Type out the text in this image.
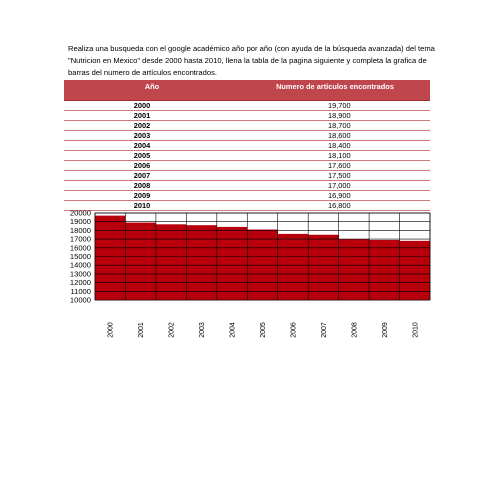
Realiza una busqueda con el google académico año por año (con ayuda de la búsqueda avanzada) del tema "Nutricion en Mexico" desde 2000 hasta 2010, llena la tabla de la pagina siguiente y completa la grafica de barras del numero de artículos encontrados.
Año	Numero de artículos encontrados
2000	19,700
2001	18,900
2002	18,700
2003	18,600
2004	18,400
2005	18,100
2006	17,600
2007	17,500
2008	17,000
2009	16,900
2010	16,800
20000
19000
18000
17000
16000
15000
14000
13000
12000
11000
10000
2000	2001	2002	2003	2004	2005	2006	2007	2008	2009	2010
